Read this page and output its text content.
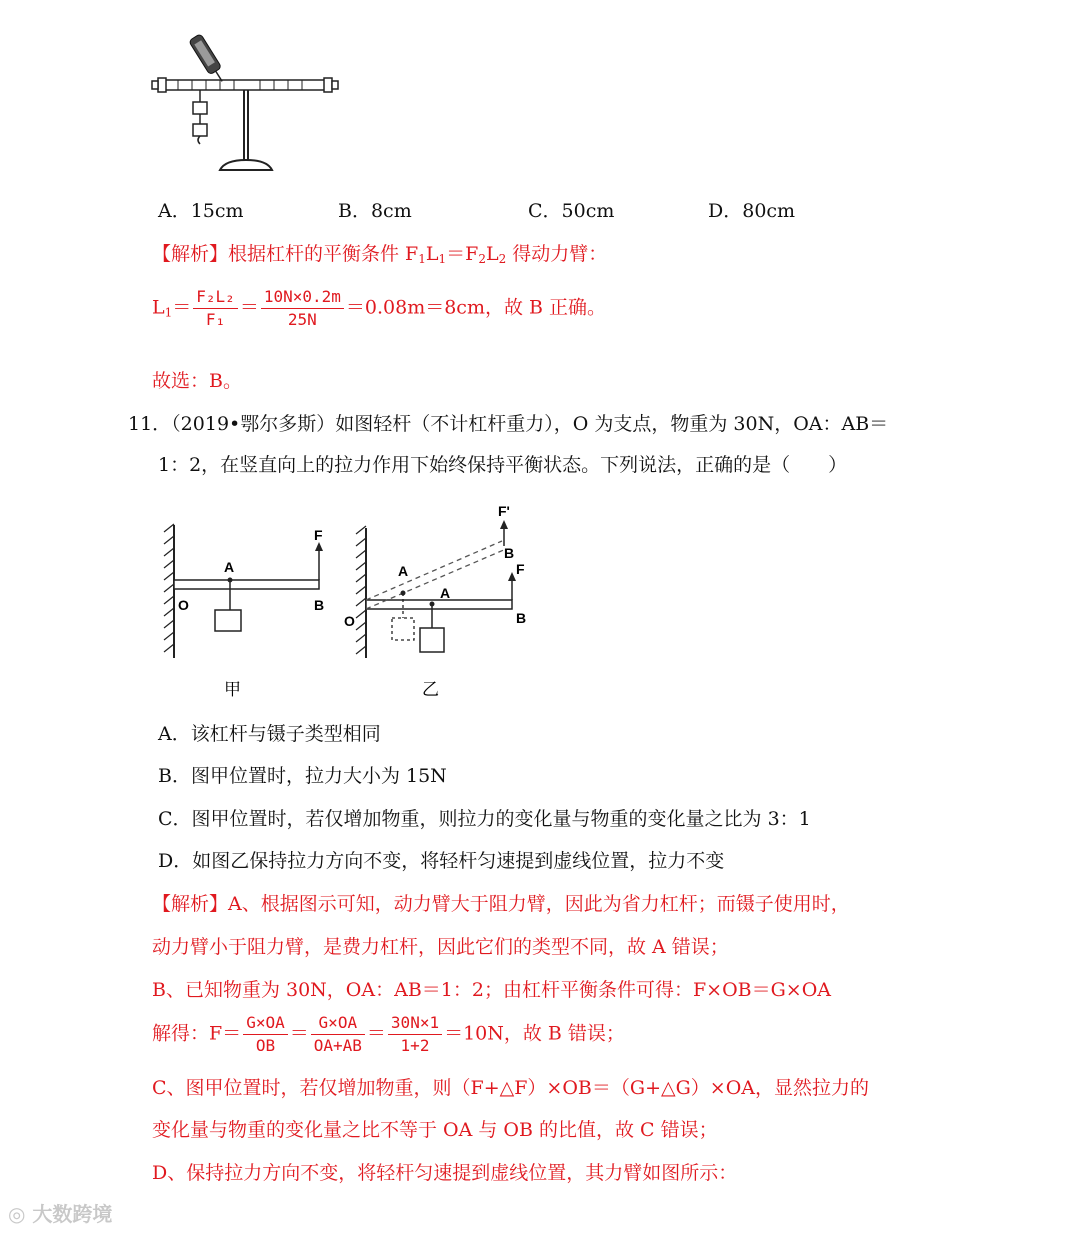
A．15cm	B．8cm	C．50cm	D．80cm
【解析】根据杠杆的平衡条件 $F_1L_1=F_2L_2$ 得动力臂：
$L_1= \frac{\text{F₂L₂}}{\text{F₁}} = \frac{10N\times 0.2m}{25N} =0.08m=8cm$，故 B 正确。
故选：B。
11．（2019•鄂尔多斯）如图轻杆（不计杠杆重力），O 为支点，物重为 30N，OA：AB＝
1：2，在竖直向上的拉力作用下始终保持平衡状态。下列说法，正确的是（　　）
A
O	B
F
甲
A
A
O
B
B
F
F'
乙
A．该杠杆与镊子类型相同
B．图甲位置时，拉力大小为 15N
C．图甲位置时，若仅增加物重，则拉力的变化量与物重的变化量之比为 3：1
D．如图乙保持拉力方向不变，将轻杆匀速提到虚线位置，拉力不变
【解析】A、根据图示可知，动力臂大于阻力臂，因此为省力杠杆；而镊子使用时，
动力臂小于阻力臂，是费力杠杆，因此它们的类型不同，故 A 错误；
B、已知物重为 30N，OA：AB＝1：2；由杠杆平衡条件可得：F×OB＝G×OA
解得：$F= \frac{G\times OA}{OB} = \frac{G\times OA}{OA+AB} = \frac{30N\times 1}{1+2} =10N$，故 B 错误；
C、图甲位置时，若仅增加物重，则（F+△F）×OB＝（G+△G）×OA，显然拉力的
变化量与物重的变化量之比不等于 OA 与 OB 的比值，故 C 错误；
D、保持拉力方向不变，将轻杆匀速提到虚线位置，其力臂如图所示：
◎ 大数跨境
